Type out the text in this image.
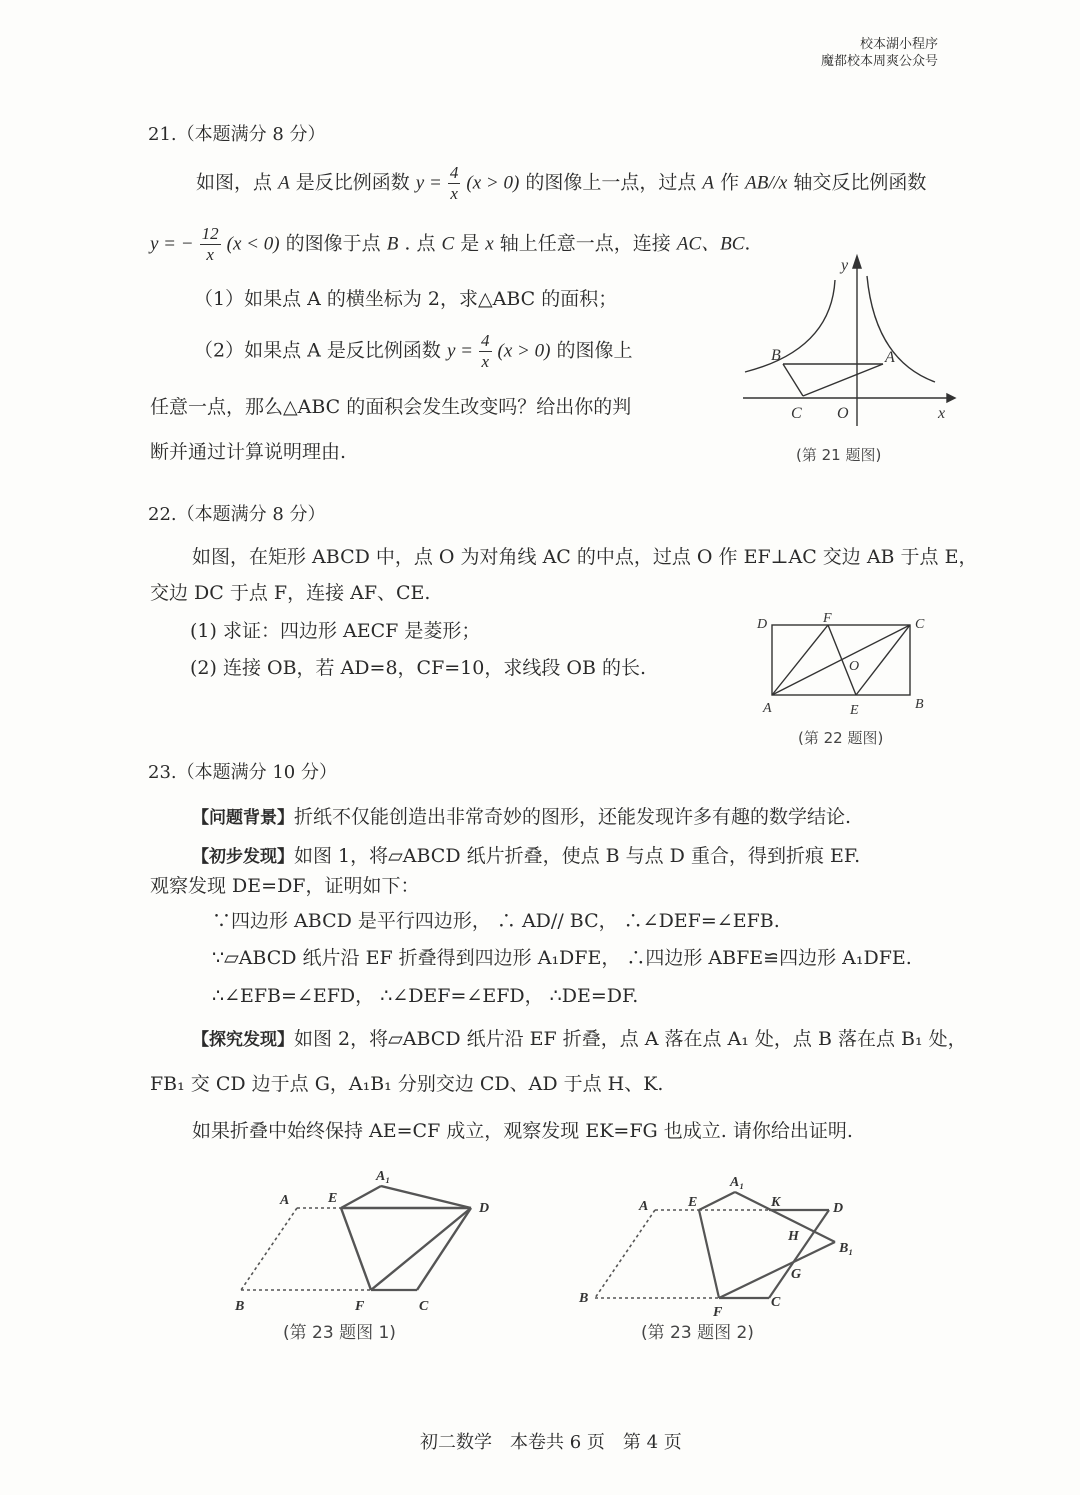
校本湖小程序
魔都校本周爽公众号
21.（本题满分 8 分）
如图，点 A 是反比例函数 $y = \frac{4}{x} (x > 0)$ 的图像上一点，过点 A 作 AB//x 轴交反比例函数
y = − $\frac{12}{x} (x < 0)$ 的图像于点 B . 点 C 是 x 轴上任意一点，连接 AC、BC.
（1）如果点 A 的横坐标为 2，求△ABC 的面积；
（2）如果点 A 是反比例函数 $y = \frac{4}{x} (x > 0)$ 的图像上
任意一点，那么△ABC 的面积会发生改变吗？给出你的判
断并通过计算说明理由.
y
x
B	A
C O
(第 21 题图)
22.（本题满分 8 分）
如图，在矩形 ABCD 中，点 O 为对角线 AC 的中点，过点 O 作 EF⊥AC 交边 AB 于点 E，
交边 DC 于点 F，连接 AF、CE.
(1) 求证：四边形 AECF 是菱形；
(2) 连接 OB，若 AD=8，CF=10，求线段 OB 的长.
D	F	C
O
A	E	B
(第 22 题图)
23.（本题满分 10 分）
【问题背景】折纸不仅能创造出非常奇妙的图形，还能发现许多有趣的数学结论.
【初步发现】如图 1，将▱ABCD 纸片折叠，使点 B 与点 D 重合，得到折痕 EF.
观察发现 DE=DF，证明如下：
∵四边形 ABCD 是平行四边形， ∴ AD// BC， ∴∠DEF=∠EFB.
∵▱ABCD 纸片沿 EF 折叠得到四边形 A₁DFE， ∴四边形 ABFE≌四边形 A₁DFE.
∴∠EFB=∠EFD， ∴∠DEF=∠EFD， ∴DE=DF.
【探究发现】如图 2，将▱ABCD 纸片沿 EF 折叠，点 A 落在点 A₁ 处，点 B 落在点 B₁ 处，
FB₁ 交 CD 边于点 G，A₁B₁ 分别交边 CD、AD 于点 H、K.
如果折叠中始终保持 AE=CF 成立，观察发现 EK=FG 也成立. 请你给出证明.
A	E
A₁
D
B	F	C
(第 23 题图 1)
A	E
A₁
K	D
H
B₁
G
B
F
C
(第 23 题图 2)
初二数学　本卷共 6 页　第 4 页
